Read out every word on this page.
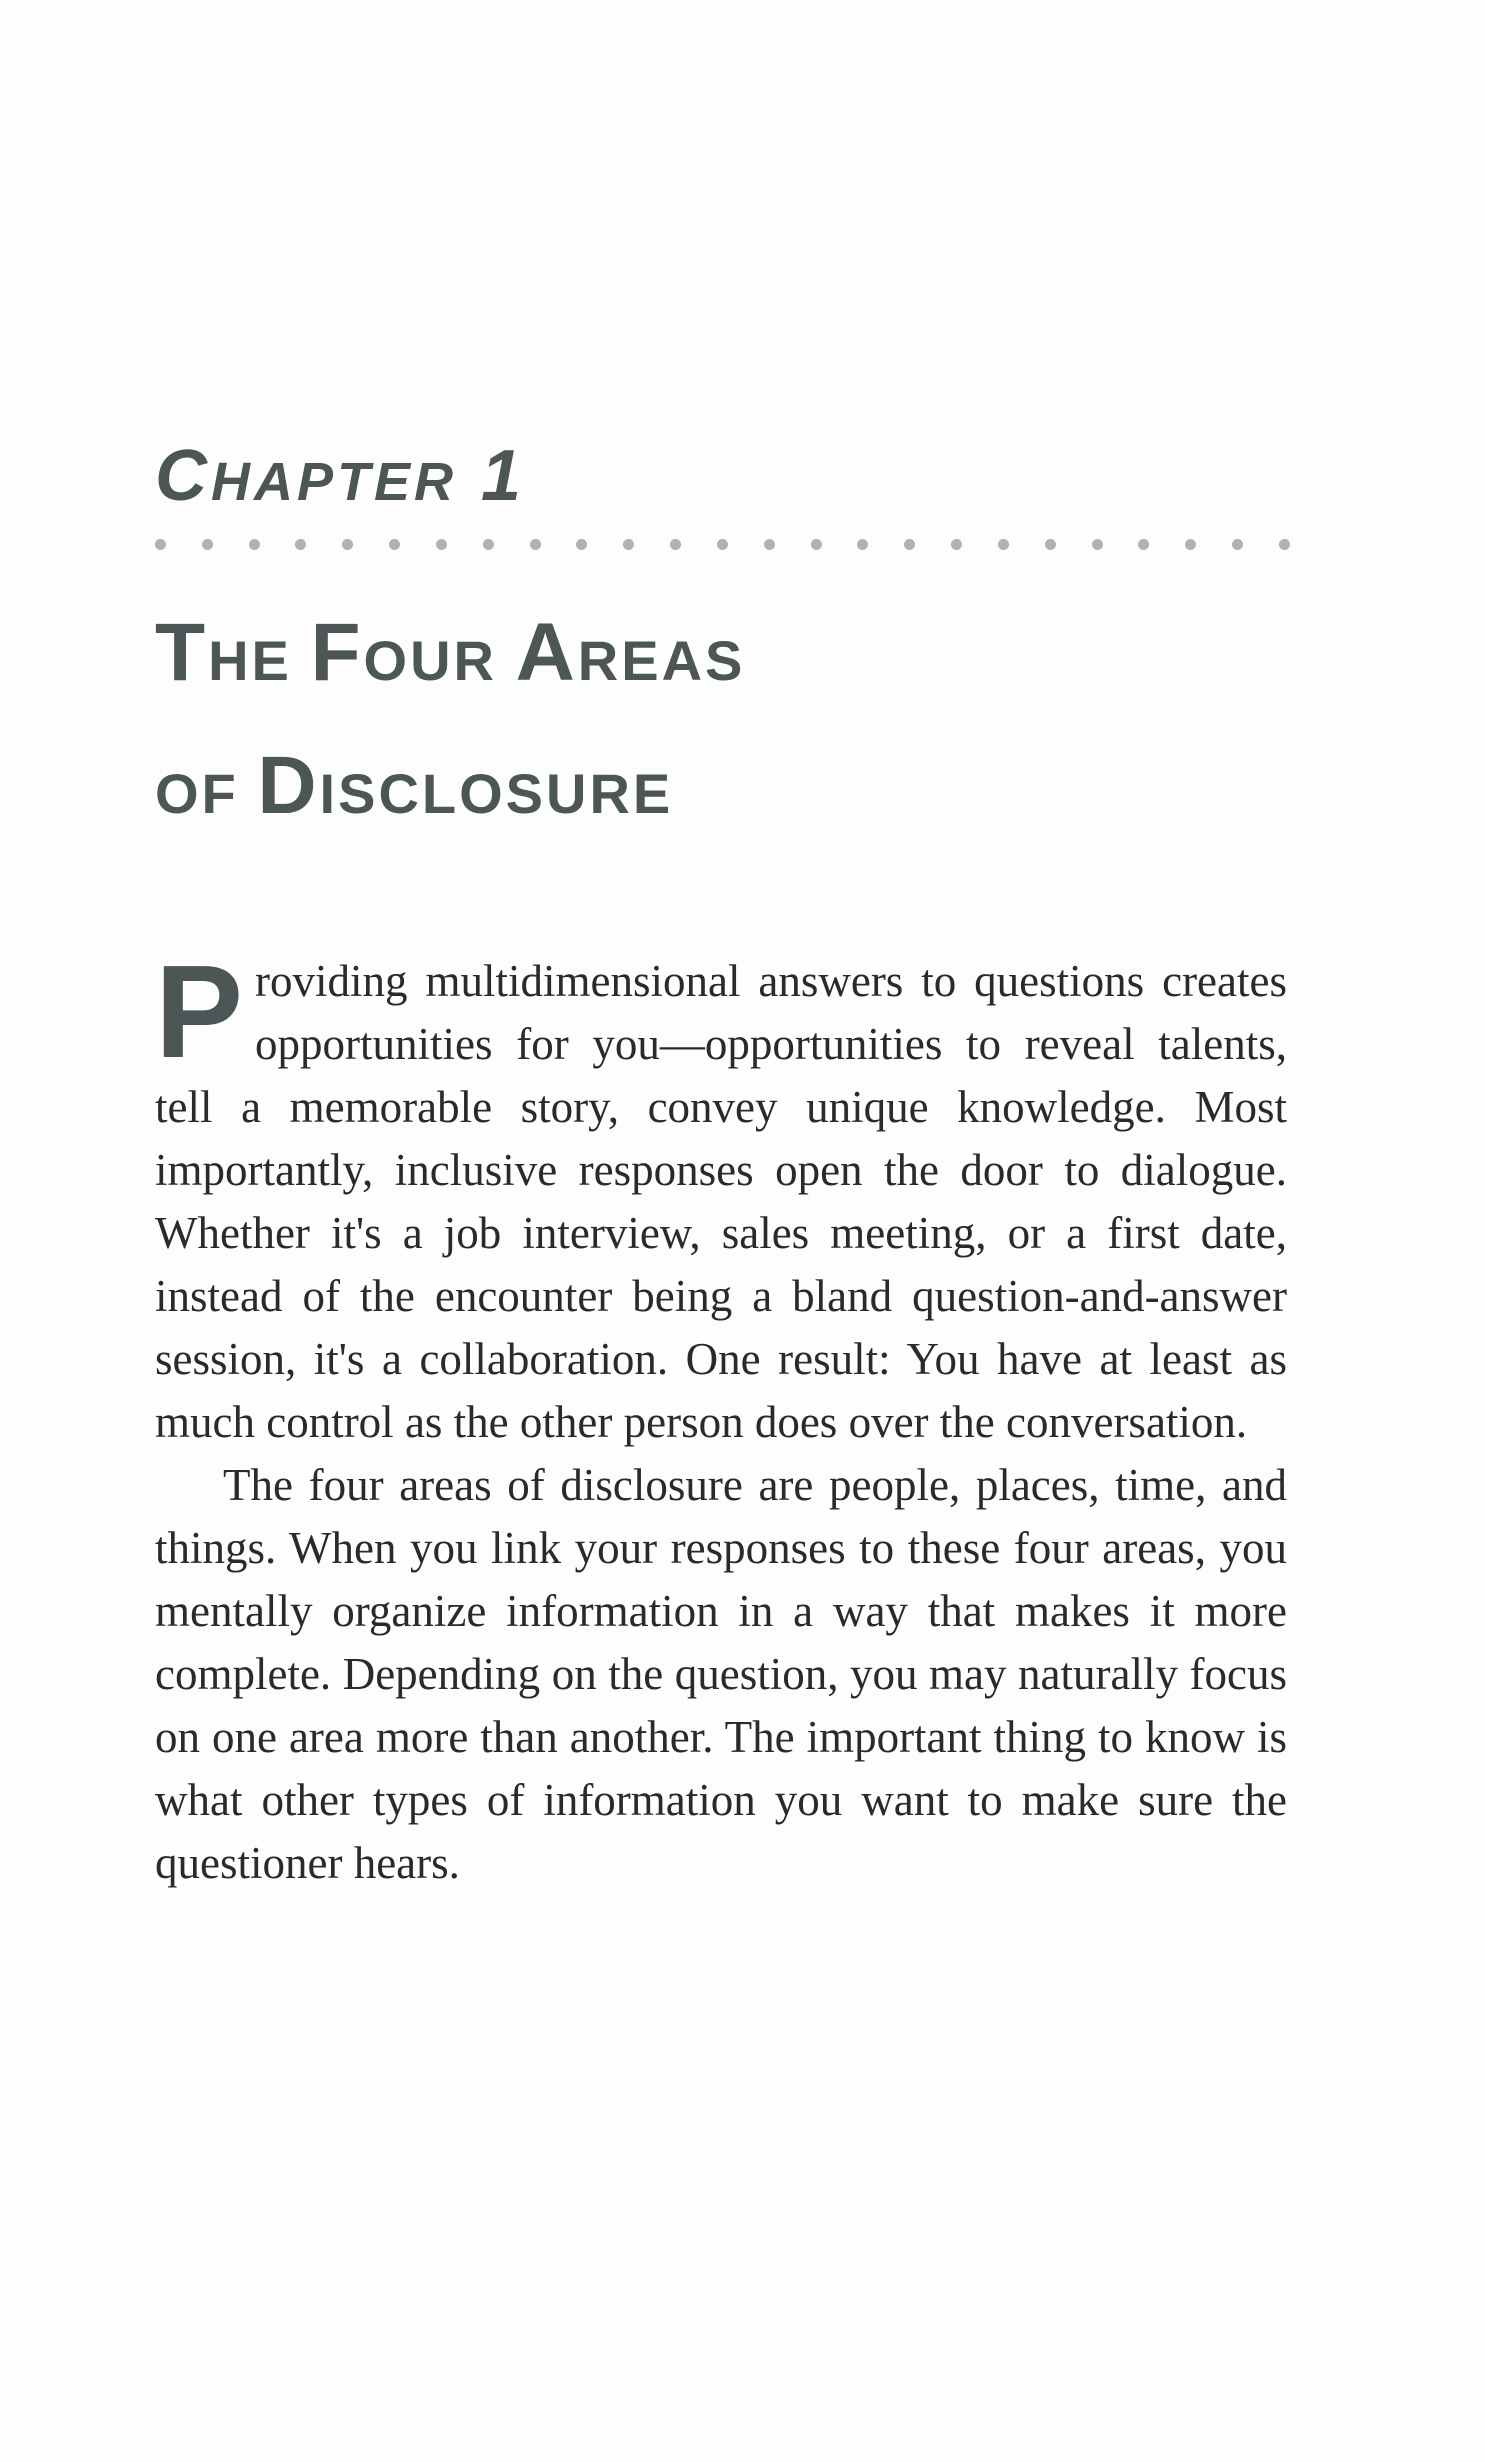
CHAPTER 1
THE FOUR AREAS
OF DISCLOSURE

Providing multidimensional answers to questions creates opportunities for you—opportunities to reveal talents, tell a memorable story, convey unique knowledge. Most importantly, inclusive responses open the door to dialogue. Whether it's a job interview, sales meeting, or a first date, instead of the encounter being a bland question-and-answer session, it's a collaboration. One result: You have at least as much control as the other person does over the conversation.

The four areas of disclosure are people, places, time, and things. When you link your responses to these four areas, you mentally organize information in a way that makes it more complete. Depending on the question, you may naturally focus on one area more than another. The important thing to know is what other types of information you want to make sure the questioner hears.
